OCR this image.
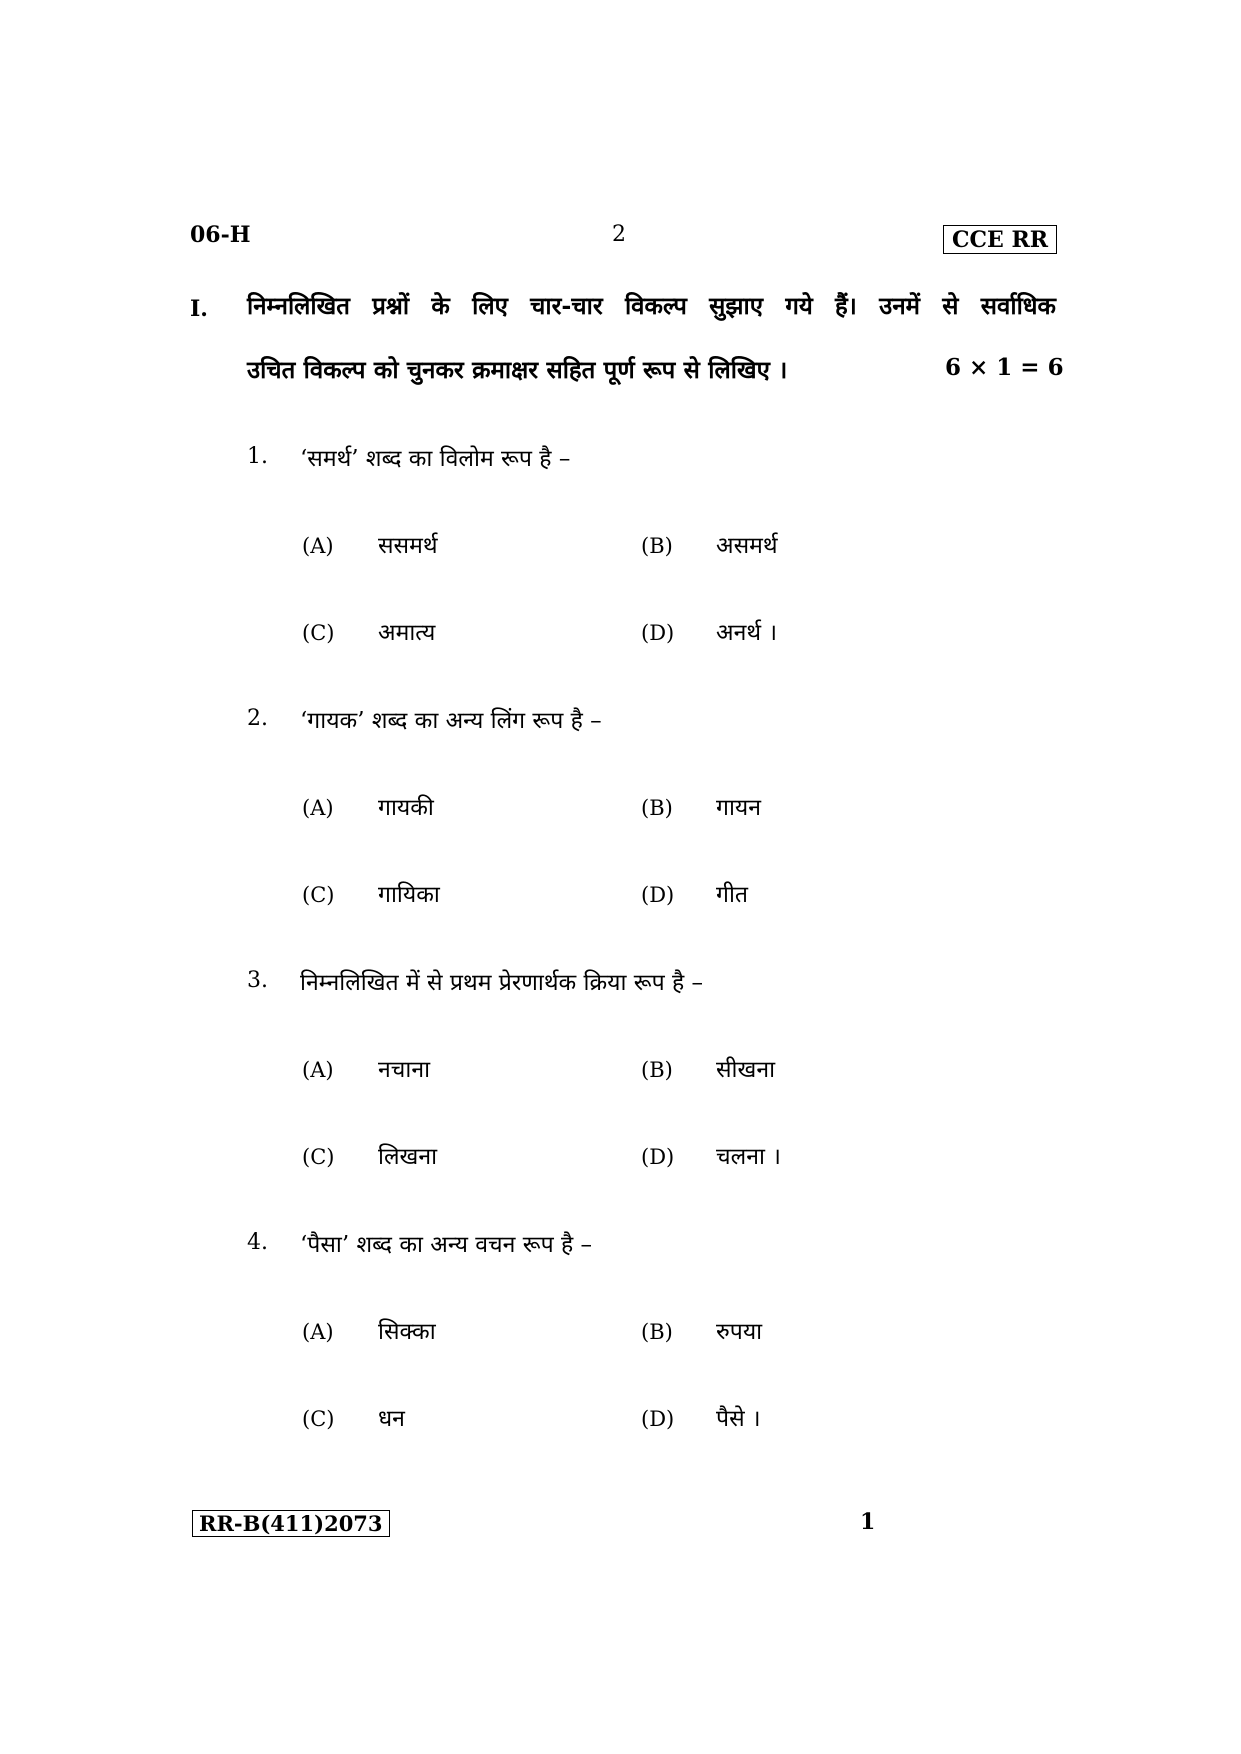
06-H	2	CCE RR
I. निम्नलिखित प्रश्नों के लिए चार-चार विकल्प सुझाए गये हैं। उनमें से सर्वाधिक
उचित विकल्प को चुनकर क्रमाक्षर सहित पूर्ण रूप से लिखिए ।	6 × 1 = 6
1. ‘समर्थ’ शब्द का विलोम रूप है –
(A) ससमर्थ	(B) असमर्थ
(C) अमात्य	(D) अनर्थ ।
2. ‘गायक’ शब्द का अन्य लिंग रूप है –
(A) गायकी	(B) गायन
(C) गायिका	(D) गीत
3. निम्नलिखित में से प्रथम प्रेरणार्थक क्रिया रूप है –
(A) नचाना	(B) सीखना
(C) लिखना	(D) चलना ।
4. ‘पैसा’ शब्द का अन्य वचन रूप है –
(A) सिक्का	(B) रुपया
(C) धन	(D) पैसे ।
RR-B(411)2073	1
